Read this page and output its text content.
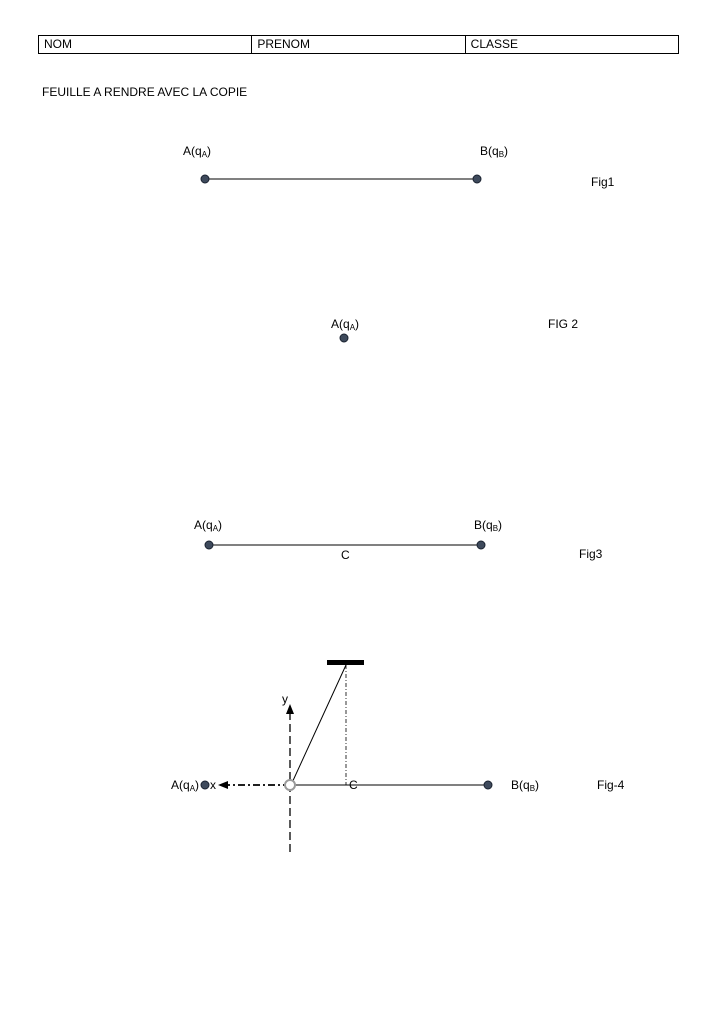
NOM	PRENOM	CLASSE
FEUILLE A RENDRE AVEC LA COPIE
A(qA)	B(qB)
Fig1
A(qA)	FIG 2
A(qA)	B(qB)
C	Fig3
y
x
A(qA)	C	B(qB)	Fig-4
